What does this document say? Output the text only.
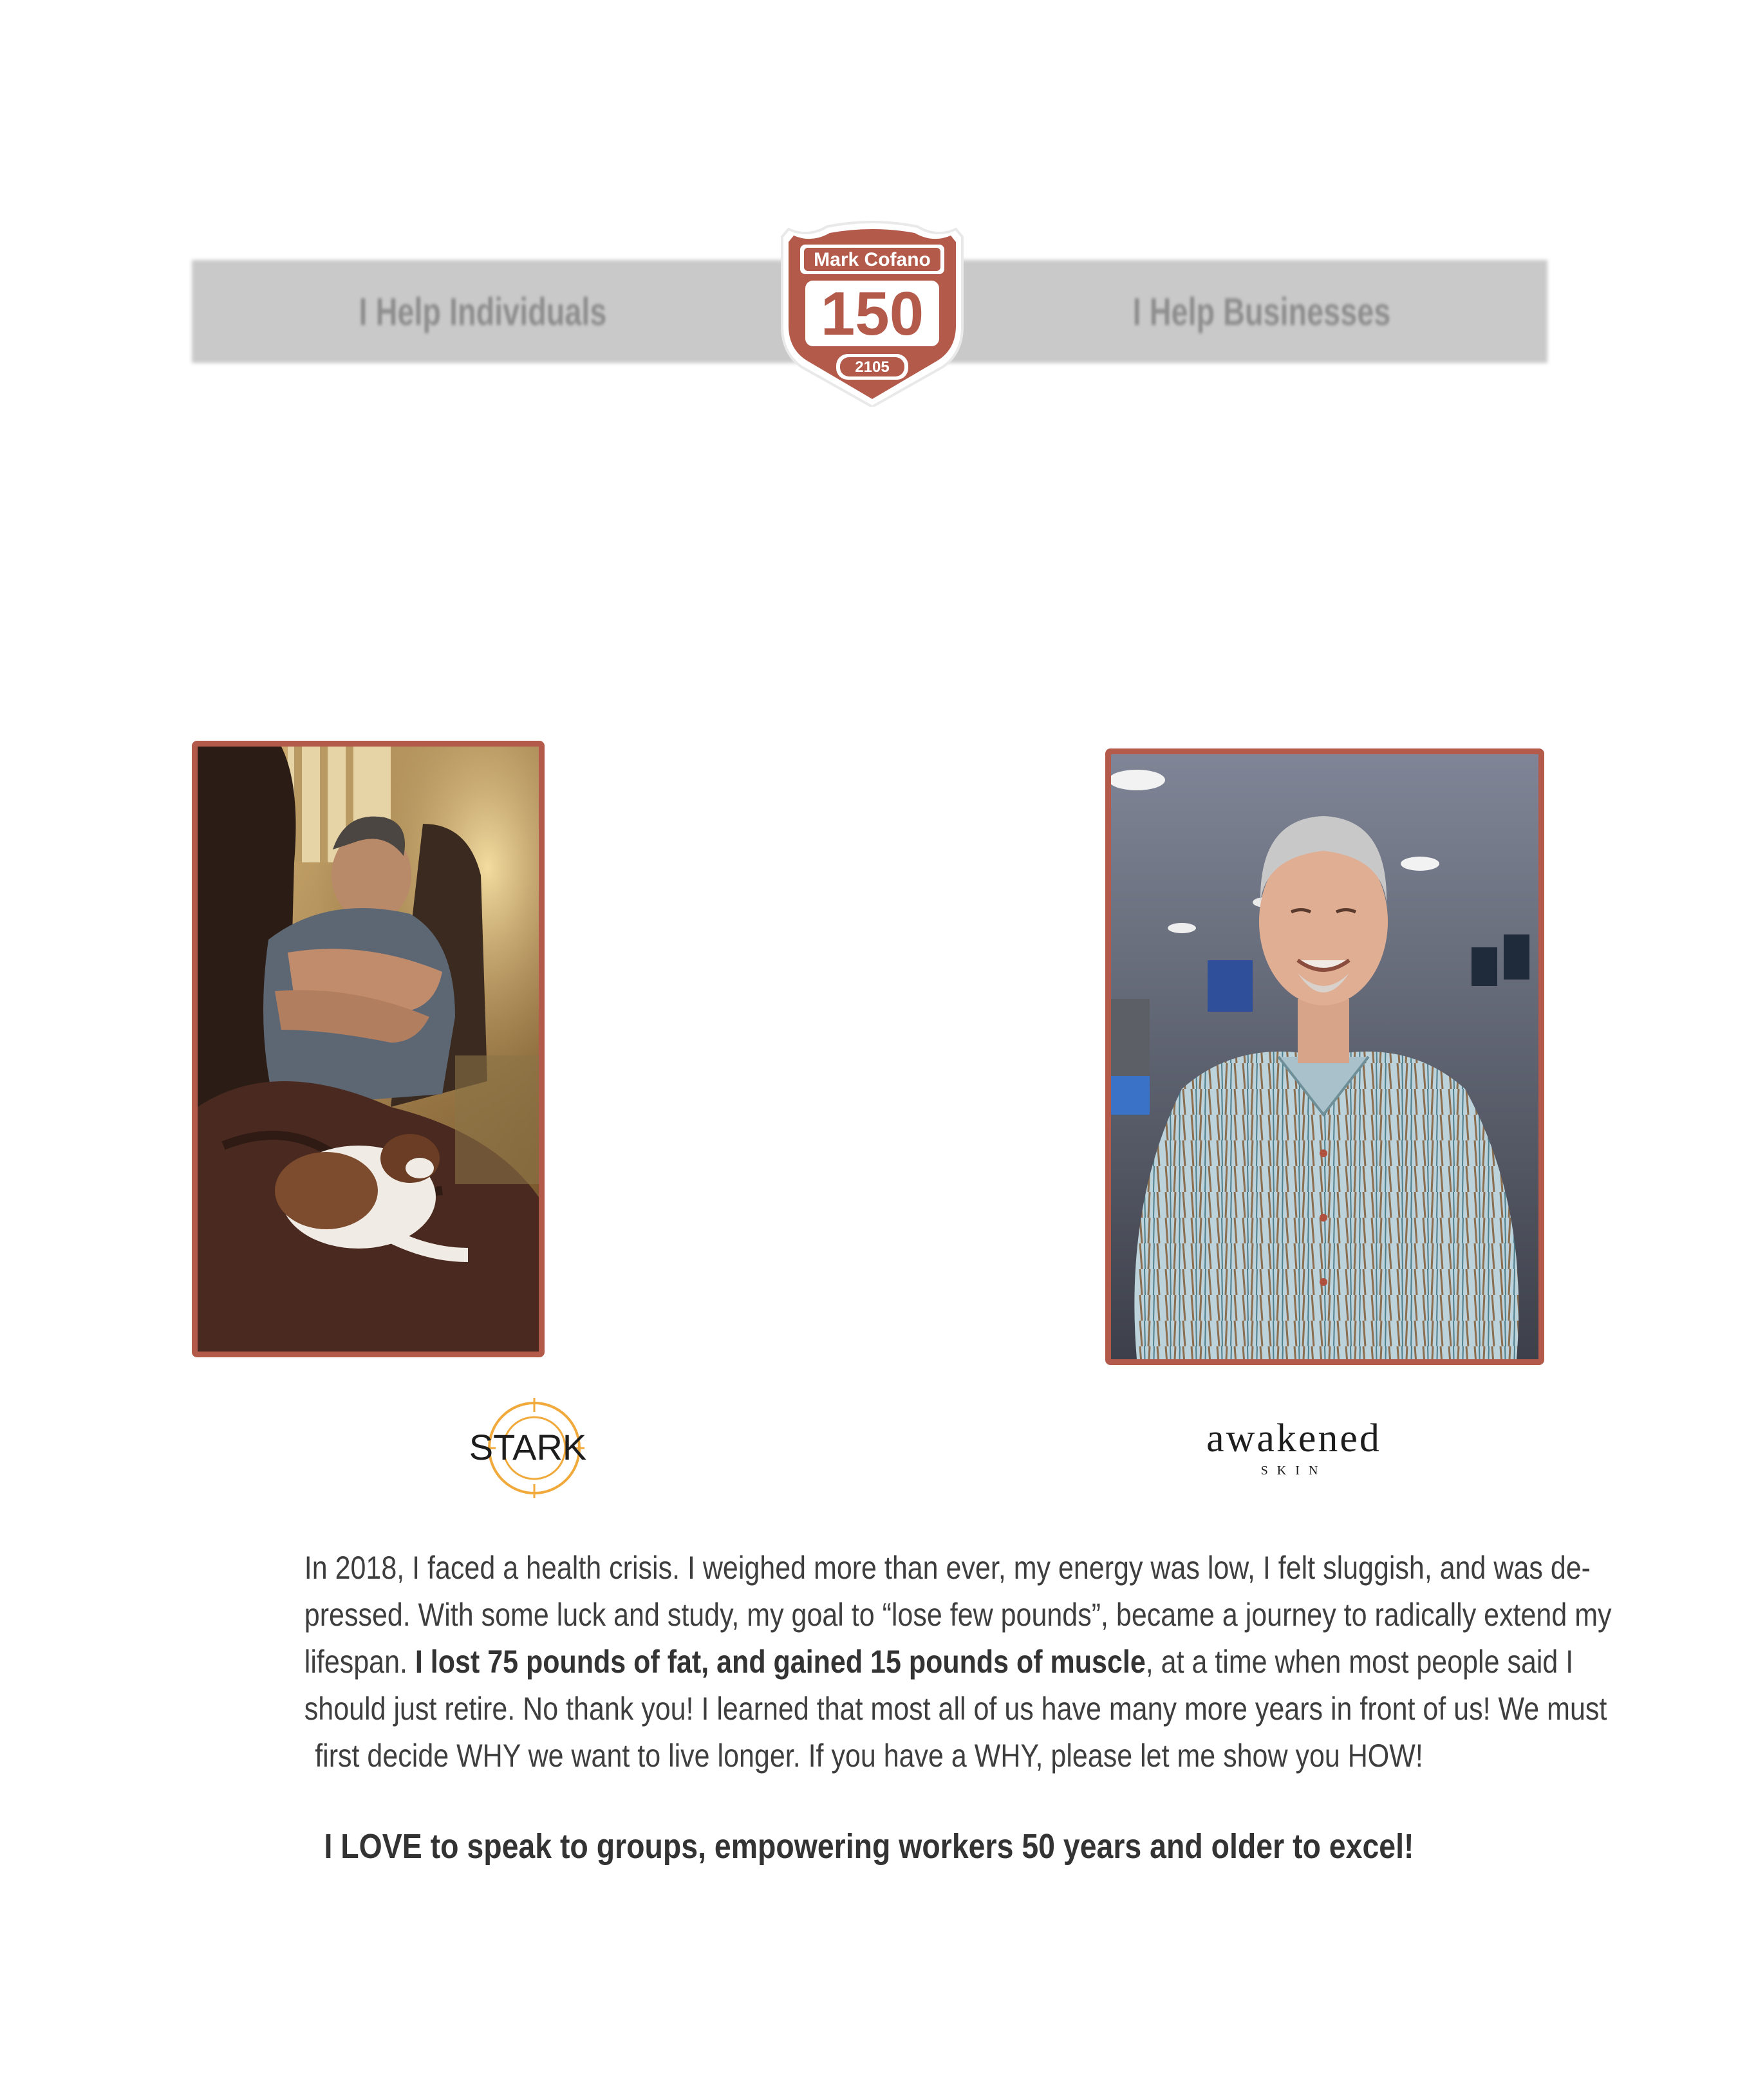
I Help Individuals	I Help Businesses
Mark Cofano
150
2105
STARK	awakened
SKIN
In 2018, I faced a health crisis. I weighed more than ever, my energy was low, I felt sluggish, and was de-
pressed. With some luck and study, my goal to “lose few pounds”, became a journey to radically extend my
lifespan. I lost 75 pounds of fat, and gained 15 pounds of muscle, at a time when most people said I
should just retire. No thank you! I learned that most all of us have many more years in front of us! We must
first decide WHY we want to live longer. If you have a WHY, please let me show you HOW!
I LOVE to speak to groups, empowering workers 50 years and older to excel!
